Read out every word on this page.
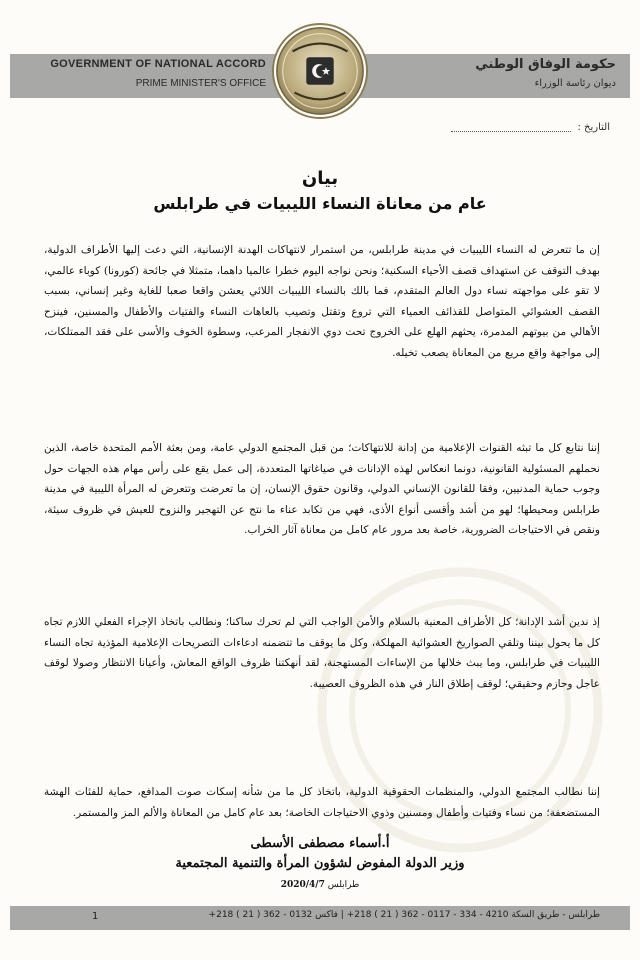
GOVERNMENT OF NATIONAL ACCORD
PRIME MINISTER'S OFFICE
حكومة الوفاق الوطني
ديوان رئاسة الوزراء
التاريخ :
بيان
عام من معاناة النساء الليبيات في طرابلس

إن ما تتعرض له النساء الليبيات في مدينة طرابلس، من استمرار لانتهاكات الهدنة الإنسانية، التي دعت إليها الأطراف الدولية، بهدف التوقف عن استهداف قصف الأحياء السكنية؛ ونحن نواجه اليوم خطرا عالميا داهما، متمثلا في جائحة (كورونا) كوباء عالمي، لا تقو على مواجهته نساء دول العالم المتقدم، فما بالك بالنساء الليبيات اللائي يعشن واقعا صعبا للغاية وغير إنساني، بسبب القصف العشوائي المتواصل للقذائف العمياء التي تروع وتقتل وتصيب بالعاهات النساء والفتيات والأطفال والمسنين، فينزح الأهالي من بيوتهم المدمرة، يحثهم الهلع على الخروج تحت دوي الانفجار المرعب، وسطوة الخوف والأسى على فقد الممتلكات، إلى مواجهة واقع مريع من المعاناة يصعب تخيله.

إننا نتابع كل ما تبثه القنوات الإعلامية من إدانة للانتهاكات؛ من قبل المجتمع الدولي عامة، ومن بعثة الأمم المتحدة خاصة، الذين نحملهم المسئولية القانونية، دونما انعكاس لهذه الإدانات في صياغاتها المتعددة، إلى عمل يقع على رأس مهام هذه الجهات حول وجوب حماية المدنيين، وفقا للقانون الإنساني الدولي، وقانون حقوق الإنسان، إن ما تعرضت وتتعرض له المرأة الليبية في مدينة طرابلس ومحيطها؛ لهو من أشد وأقسى أنواع الأذى، فهي من تكابد عناء ما نتج عن التهجير والنزوح للعيش في ظروف سيئة، ونقص في الاحتياجات الضرورية، خاصة بعد مرور عام كامل من معاناة آثار الخراب.

إذ ندين أشد الإدانة؛ كل الأطراف المعنية بالسلام والأمن الواجب التي لم تحرك ساكنا؛ ونطالب باتخاذ الإجراء الفعلي اللازم تجاه كل ما يحول بيننا وتلقي الصواريخ العشوائية المهلكة، وكل ما يوقف ما تتضمنه ادعاءات التصريحات الإعلامية المؤذية تجاه النساء الليبيات في طرابلس، وما يبث خلالها من الإساءات المستهجنة، لقد أنهكتنا ظروف الواقع المعاش، وأعيانا الانتظار وصولا لوقف عاجل وحازم وحقيقي؛ لوقف إطلاق النار في هذه الظروف العصيبة.

إننا نطالب المجتمع الدولي، والمنظمات الحقوقية الدولية، باتخاذ كل ما من شأنه إسكات صوت المدافع، حماية للفئات الهشة المستضعفة؛ من نساء وفتيات وأطفال ومسنين وذوي الاحتياجات الخاصة؛ بعد عام كامل من المعاناة والألم المز والمستمر.

أ.أسماء مصطفى الأسطى
وزير الدولة المفوض لشؤون المرأة والتنمية المجتمعية
طرابلس 2020/4/7
طرابلس - طريق السكة 4210 - 334 - 0117 - 362 ( 21 ) 218+ | فاكس 0132 - 362 ( 21 ) 218+
1
